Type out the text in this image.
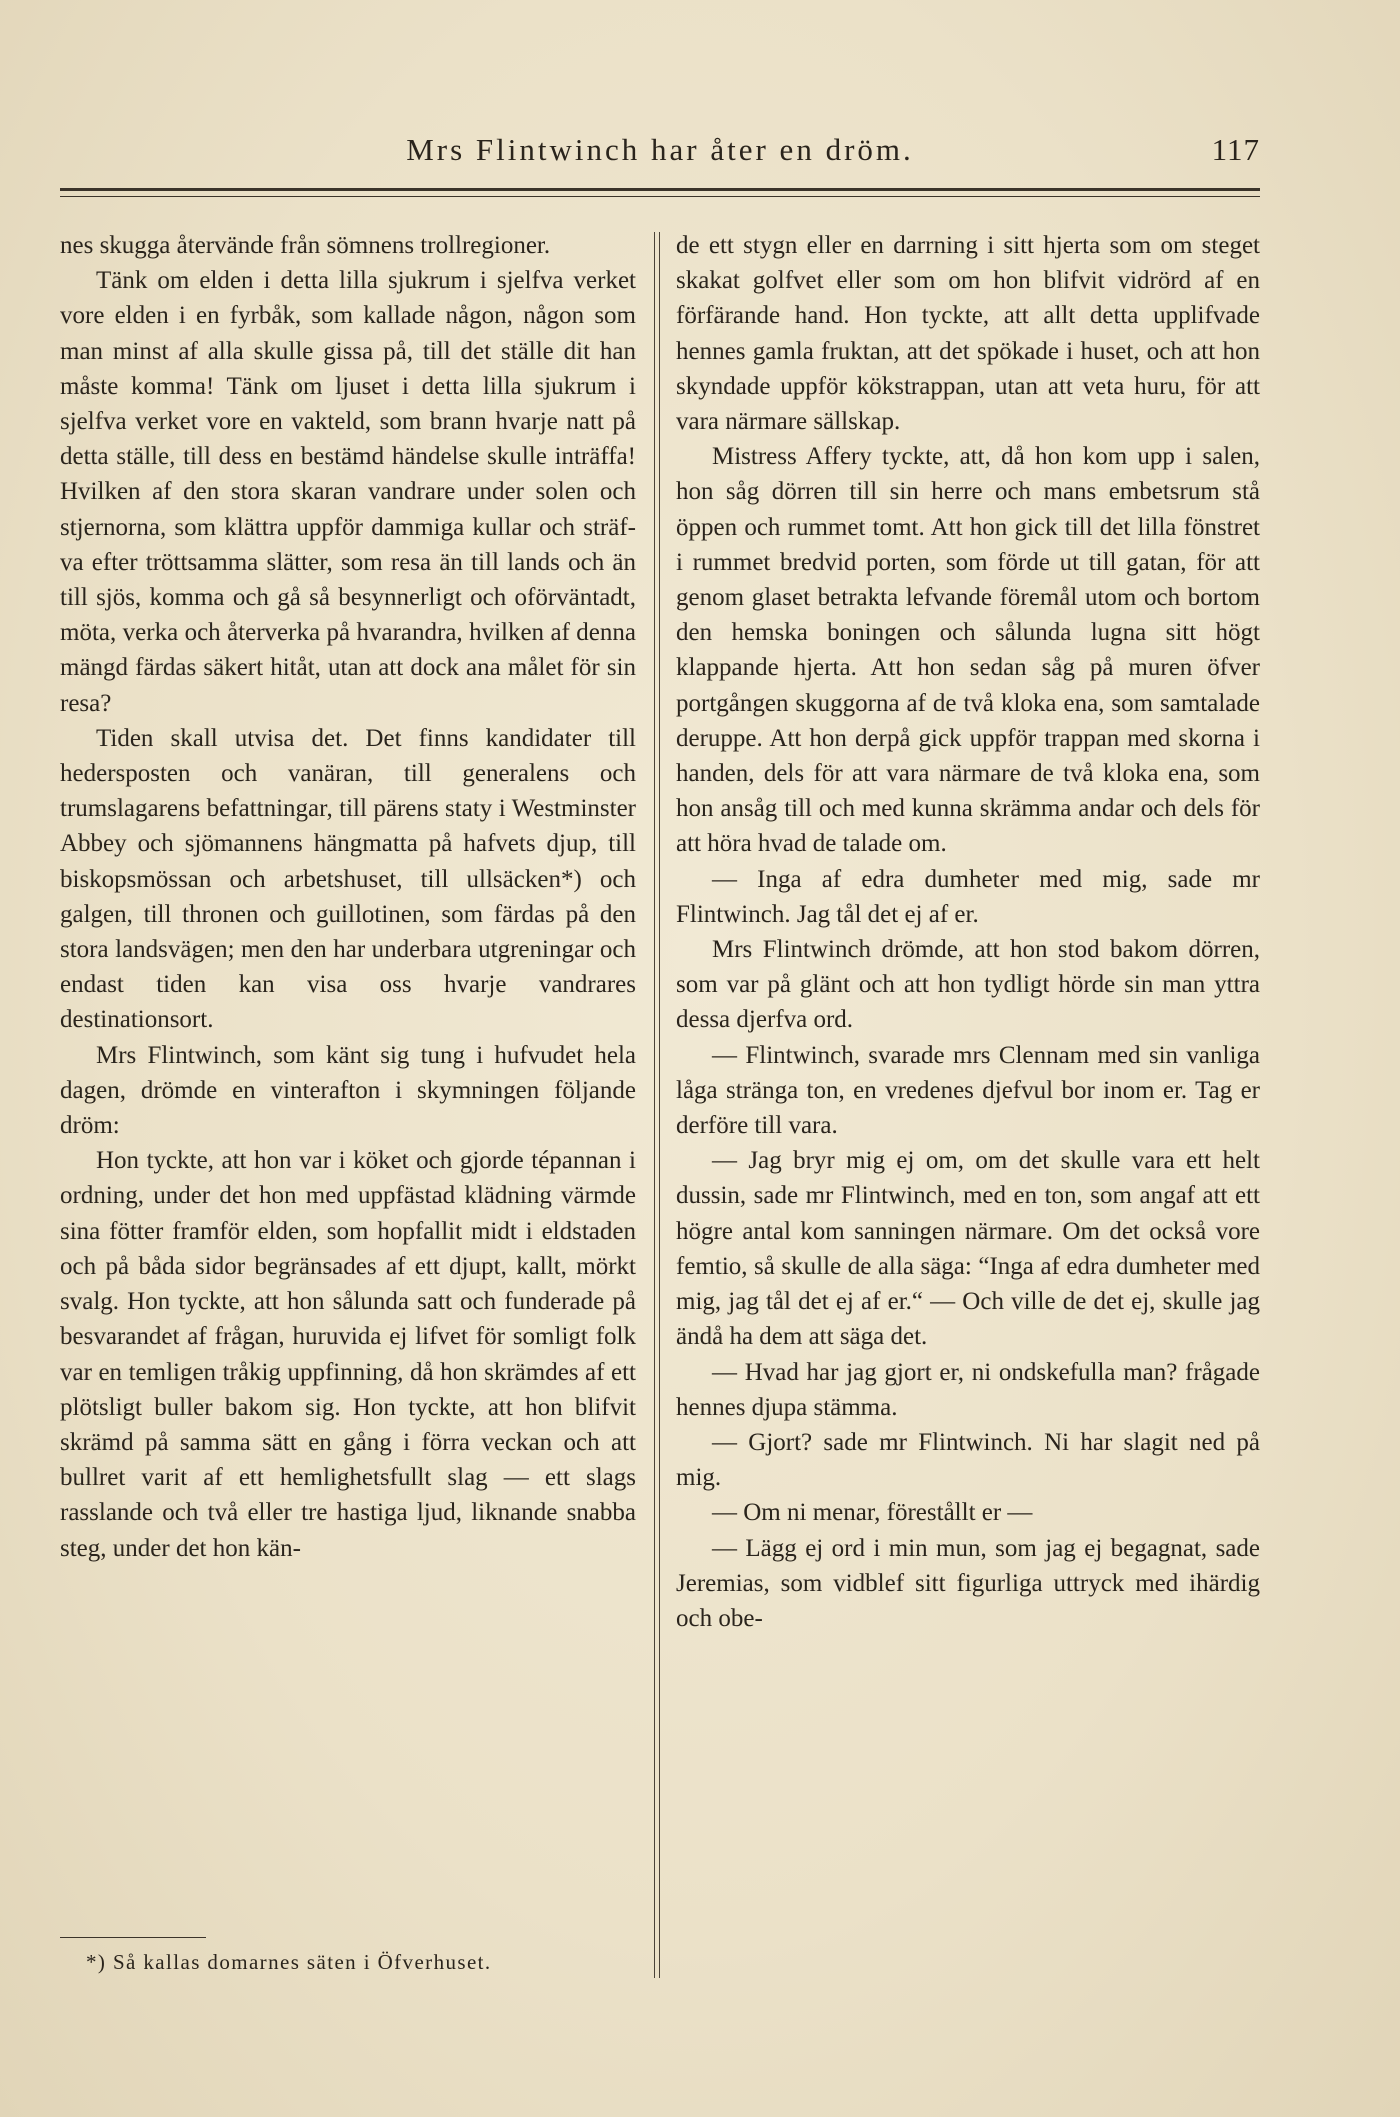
Mrs Flintwinch har åter en dröm.	117

nes skugga återvände från sömnens trollregioner.

Tänk om elden i detta lilla sjukrum i sjelfva verket vore elden i en fyrbåk, som kallade någon, någon som man minst af alla skulle gissa på, till det ställe dit han måste komma! Tänk om ljuset i detta lilla sjukrum i sjelfva verket vore en vakteld, som brann hvarje natt på detta ställe, till dess en bestämd händelse skulle inträffa! Hvilken af den stora skaran vandrare under solen och stjernorna, som klättra uppför dammiga kullar och sträfva efter tröttsamma slätter, som resa än till lands och än till sjös, komma och gå så besynnerligt och oförväntadt, möta, verka och återverka på hvarandra, hvilken af denna mängd färdas säkert hitåt, utan att dock ana målet för sin resa?

Tiden skall utvisa det. Det finns kandidater till hedersposten och vanäran, till generalens och trumslagarens befattningar, till pärens staty i Westminster Abbey och sjömannens hängmatta på hafvets djup, till biskopsmössan och arbetshuset, till ullsäcken*) och galgen, till thronen och guillotinen, som färdas på den stora landsvägen; men den har underbara utgreningar och endast tiden kan visa oss hvarje vandrares destinationsort.

Mrs Flintwinch, som känt sig tung i hufvudet hela dagen, drömde en vinterafton i skymningen följande dröm:

Hon tyckte, att hon var i köket och gjorde tépannan i ordning, under det hon med uppfästad klädning värmde sina fötter framför elden, som hopfallit midt i eldstaden och på båda sidor begränsades af ett djupt, kallt, mörkt svalg. Hon tyckte, att hon sålunda satt och funderade på besvarandet af frågan, huruvida ej lifvet för somligt folk var en temligen tråkig uppfinning, då hon skrämdes af ett plötsligt buller bakom sig. Hon tyckte, att hon blifvit skrämd på samma sätt en gång i förra veckan och att bullret varit af ett hemlighetsfullt slag — ett slags rasslande och två eller tre hastiga ljud, liknande snabba steg, under det hon kän-

de ett stygn eller en darrning i sitt hjerta som om steget skakat golfvet eller som om hon blifvit vidrörd af en förfärande hand. Hon tyckte, att allt detta upplifvade hennes gamla fruktan, att det spökade i huset, och att hon skyndade uppför kökstrappan, utan att veta huru, för att vara närmare sällskap.

Mistress Affery tyckte, att, då hon kom upp i salen, hon såg dörren till sin herre och mans embetsrum stå öppen och rummet tomt. Att hon gick till det lilla fönstret i rummet bredvid porten, som förde ut till gatan, för att genom glaset betrakta lefvande föremål utom och bortom den hemska boningen och sålunda lugna sitt högt klappande hjerta. Att hon sedan såg på muren öfver portgången skuggorna af de två kloka ena, som samtalade deruppe. Att hon derpå gick uppför trappan med skorna i handen, dels för att vara närmare de två kloka ena, som hon ansåg till och med kunna skrämma andar och dels för att höra hvad de talade om.

— Inga af edra dumheter med mig, sade mr Flintwinch. Jag tål det ej af er.

Mrs Flintwinch drömde, att hon stod bakom dörren, som var på glänt och att hon tydligt hörde sin man yttra dessa djerfva ord.

— Flintwinch, svarade mrs Clennam med sin vanliga låga stränga ton, en vredenes djefvul bor inom er. Tag er derföre till vara.

— Jag bryr mig ej om, om det skulle vara ett helt dussin, sade mr Flintwinch, med en ton, som angaf att ett högre antal kom sanningen närmare. Om det också vore femtio, så skulle de alla säga: “Inga af edra dumheter med mig, jag tål det ej af er.“ — Och ville de det ej, skulle jag ändå ha dem att säga det.

— Hvad har jag gjort er, ni ondskefulla man? frågade hennes djupa stämma.

— Gjort? sade mr Flintwinch. Ni har slagit ned på mig.

— Om ni menar, förestållt er —

— Lägg ej ord i min mun, som jag ej begagnat, sade Jeremias, som vidblef sitt figurliga uttryck med ihärdig och obe-

*) Så kallas domarnes säten i Öfverhuset.
